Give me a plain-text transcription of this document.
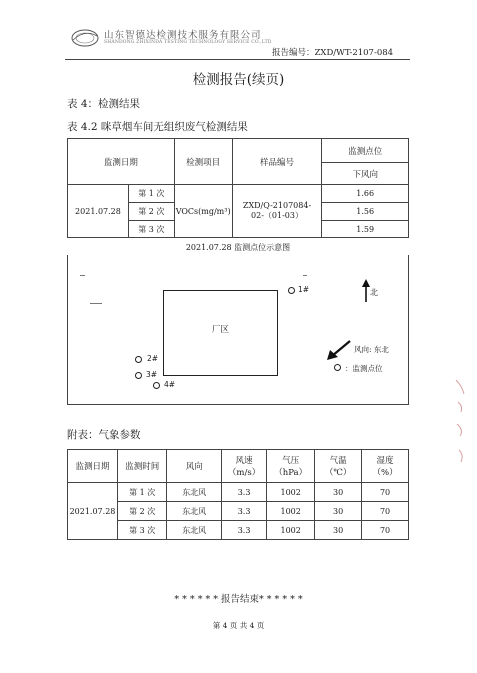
山东智德达检测技术服务有限公司
SHANDONG ZHIXINDA TESTING TECHNOLOGY SERVICE CO.,LTD
报告编号：ZXD/WT-2107-084
检测报告(续页)
表 4：检测结果
表 4.2 咪草烟车间无组织废气检测结果
监测日期		检测项目	样品编号	监测点位
				下风向
2021.07.28	第 1 次	VOCs(mg/m³)	ZXD/Q-2107084-02-（01-03）	1.66
	第 2 次			1.56
	第 3 次			1.59
2021.07.28 监测点位示意图
厂区
1#
2#
3#
4#
北
风向: 东北
：监测点位
附表：气象参数
监测日期	监测时间	风向	风速（m/s）	气压（hPa）	气温（℃）	湿度（%）
2021.07.28	第 1 次	东北风	3.3	1002	30	70
	第 2 次	东北风	3.3	1002	30	70
	第 3 次	东北风	3.3	1002	30	70
* * * * * * 报告结束* * * * * *
第 4 页 共 4 页
